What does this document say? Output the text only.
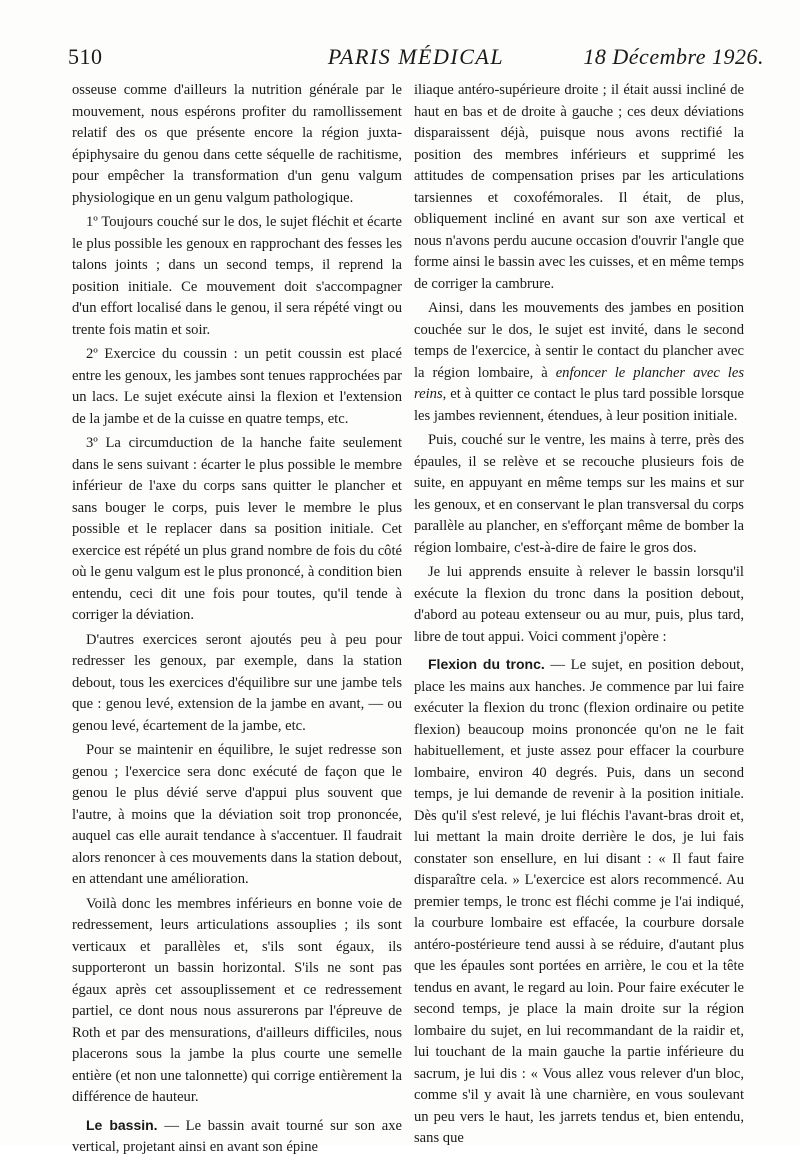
510	PARIS MÉDICAL	18 Décembre 1926.

osseuse comme d'ailleurs la nutrition générale par le mouvement, nous espérons profiter du ramollissement relatif des os que présente encore la région juxta-épiphysaire du genou dans cette séquelle de rachitisme, pour empêcher la transformation d'un genu valgum physiologique en un genu valgum pathologique.

1º Toujours couché sur le dos, le sujet fléchit et écarte le plus possible les genoux en rapprochant des fesses les talons joints ; dans un second temps, il reprend la position initiale. Ce mouvement doit s'accompagner d'un effort localisé dans le genou, il sera répété vingt ou trente fois matin et soir.

2º Exercice du coussin : un petit coussin est placé entre les genoux, les jambes sont tenues rapprochées par un lacs. Le sujet exécute ainsi la flexion et l'extension de la jambe et de la cuisse en quatre temps, etc.

3º La circumduction de la hanche faite seulement dans le sens suivant : écarter le plus possible le membre inférieur de l'axe du corps sans quitter le plancher et sans bouger le corps, puis lever le membre le plus possible et le replacer dans sa position initiale. Cet exercice est répété un plus grand nombre de fois du côté où le genu valgum est le plus prononcé, à condition bien entendu, ceci dit une fois pour toutes, qu'il tende à corriger la déviation.

D'autres exercices seront ajoutés peu à peu pour redresser les genoux, par exemple, dans la station debout, tous les exercices d'équilibre sur une jambe tels que : genou levé, extension de la jambe en avant, — ou genou levé, écartement de la jambe, etc.

Pour se maintenir en équilibre, le sujet redresse son genou ; l'exercice sera donc exécuté de façon que le genou le plus dévié serve d'appui plus souvent que l'autre, à moins que la déviation soit trop prononcée, auquel cas elle aurait tendance à s'accentuer. Il faudrait alors renoncer à ces mouvements dans la station debout, en attendant une amélioration.

Voilà donc les membres inférieurs en bonne voie de redressement, leurs articulations assouplies ; ils sont verticaux et parallèles et, s'ils sont égaux, ils supporteront un bassin horizontal. S'ils ne sont pas égaux après cet assouplissement et ce redressement partiel, ce dont nous nous assurerons par l'épreuve de Roth et par des mensurations, d'ailleurs difficiles, nous placerons sous la jambe la plus courte une semelle entière (et non une talonnette) qui corrige entièrement la différence de hauteur.

Le bassin. — Le bassin avait tourné sur son axe vertical, projetant ainsi en avant son épine

iliaque antéro-supérieure droite ; il était aussi incliné de haut en bas et de droite à gauche ; ces deux déviations disparaissent déjà, puisque nous avons rectifié la position des membres inférieurs et supprimé les attitudes de compensation prises par les articulations tarsiennes et coxofémorales. Il était, de plus, obliquement incliné en avant sur son axe vertical et nous n'avons perdu aucune occasion d'ouvrir l'angle que forme ainsi le bassin avec les cuisses, et en même temps de corriger la cambrure.

Ainsi, dans les mouvements des jambes en position couchée sur le dos, le sujet est invité, dans le second temps de l'exercice, à sentir le contact du plancher avec la région lombaire, à enfoncer le plancher avec les reins, et à quitter ce contact le plus tard possible lorsque les jambes reviennent, étendues, à leur position initiale.

Puis, couché sur le ventre, les mains à terre, près des épaules, il se relève et se recouche plusieurs fois de suite, en appuyant en même temps sur les mains et sur les genoux, et en conservant le plan transversal du corps parallèle au plancher, en s'efforçant même de bomber la région lombaire, c'est-à-dire de faire le gros dos.

Je lui apprends ensuite à relever le bassin lorsqu'il exécute la flexion du tronc dans la position debout, d'abord au poteau extenseur ou au mur, puis, plus tard, libre de tout appui. Voici comment j'opère :

Flexion du tronc. — Le sujet, en position debout, place les mains aux hanches. Je commence par lui faire exécuter la flexion du tronc (flexion ordinaire ou petite flexion) beaucoup moins prononcée qu'on ne le fait habituellement, et juste assez pour effacer la courbure lombaire, environ 40 degrés. Puis, dans un second temps, je lui demande de revenir à la position initiale. Dès qu'il s'est relevé, je lui fléchis l'avant-bras droit et, lui mettant la main droite derrière le dos, je lui fais constater son ensellure, en lui disant : « Il faut faire disparaître cela. » L'exercice est alors recommencé. Au premier temps, le tronc est fléchi comme je l'ai indiqué, la courbure lombaire est effacée, la courbure dorsale antéro-postérieure tend aussi à se réduire, d'autant plus que les épaules sont portées en arrière, le cou et la tête tendus en avant, le regard au loin. Pour faire exécuter le second temps, je place la main droite sur la région lombaire du sujet, en lui recommandant de la raidir et, lui touchant de la main gauche la partie inférieure du sacrum, je lui dis : « Vous allez vous relever d'un bloc, comme s'il y avait là une charnière, en vous soulevant un peu vers le haut, les jarrets tendus et, bien entendu, sans que
